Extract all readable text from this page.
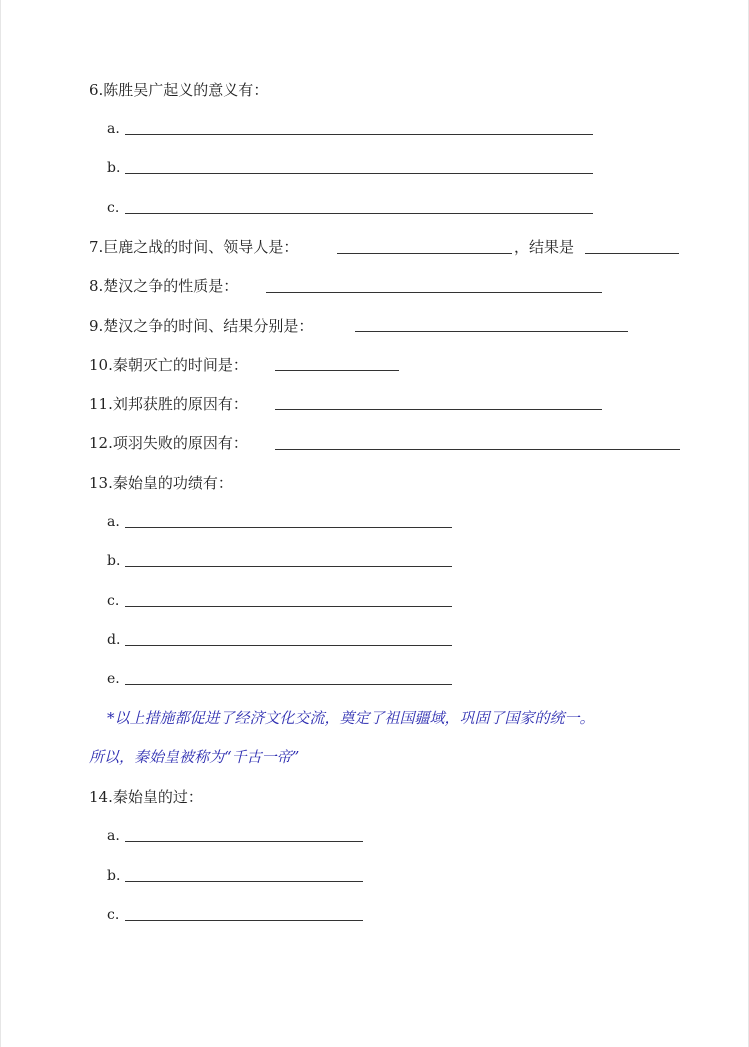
6.陈胜吴广起义的意义有：
a.
b.
c.
7.巨鹿之战的时间、领导人是：	，结果是
8.楚汉之争的性质是：
9.楚汉之争的时间、结果分别是：
10.秦朝灭亡的时间是：
11.刘邦获胜的原因有：
12.项羽失败的原因有：
13.秦始皇的功绩有：
a.
b.
c.
d.
e.
*以上措施都促进了经济文化交流，奠定了祖国疆域，巩固了国家的统一。
所以，秦始皇被称为“千古一帝”
14.秦始皇的过：
a.
b.
c.
